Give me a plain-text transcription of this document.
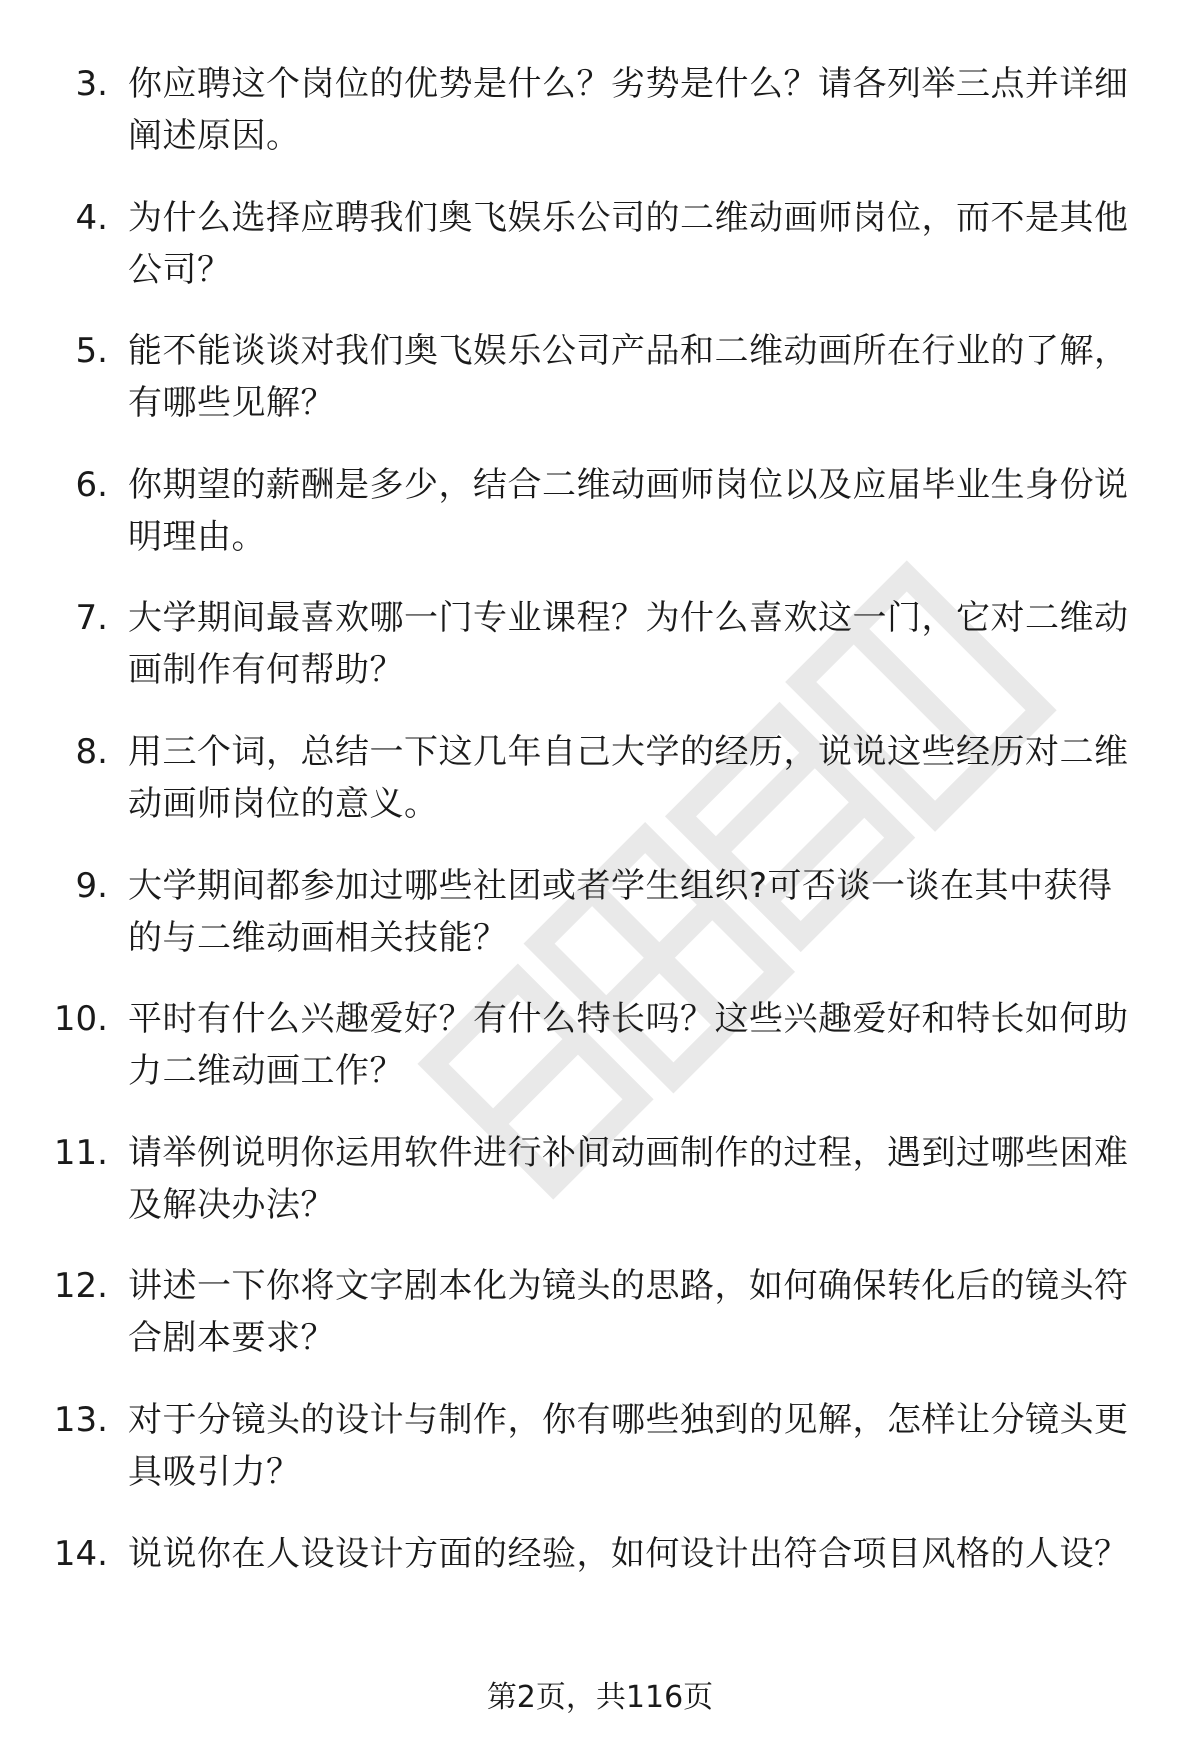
3. 你应聘这个岗位的优势是什么？劣势是什么？请各列举三点并详细阐述原因。
4. 为什么选择应聘我们奥飞娱乐公司的二维动画师岗位，而不是其他公司？
5. 能不能谈谈对我们奥飞娱乐公司产品和二维动画所在行业的了解，有哪些见解？
6. 你期望的薪酬是多少，结合二维动画师岗位以及应届毕业生身份说明理由。
7. 大学期间最喜欢哪一门专业课程？为什么喜欢这一门，它对二维动画制作有何帮助？
8. 用三个词，总结一下这几年自己大学的经历，说说这些经历对二维动画师岗位的意义。
9. 大学期间都参加过哪些社团或者学生组织?可否谈一谈在其中获得的与二维动画相关技能？
10. 平时有什么兴趣爱好？有什么特长吗？这些兴趣爱好和特长如何助力二维动画工作？
11. 请举例说明你运用软件进行补间动画制作的过程，遇到过哪些困难及解决办法？
12. 讲述一下你将文字剧本化为镜头的思路，如何确保转化后的镜头符合剧本要求？
13. 对于分镜头的设计与制作，你有哪些独到的见解，怎样让分镜头更具吸引力？
14. 说说你在人设设计方面的经验，如何设计出符合项目风格的人设？
第2页，共116页
